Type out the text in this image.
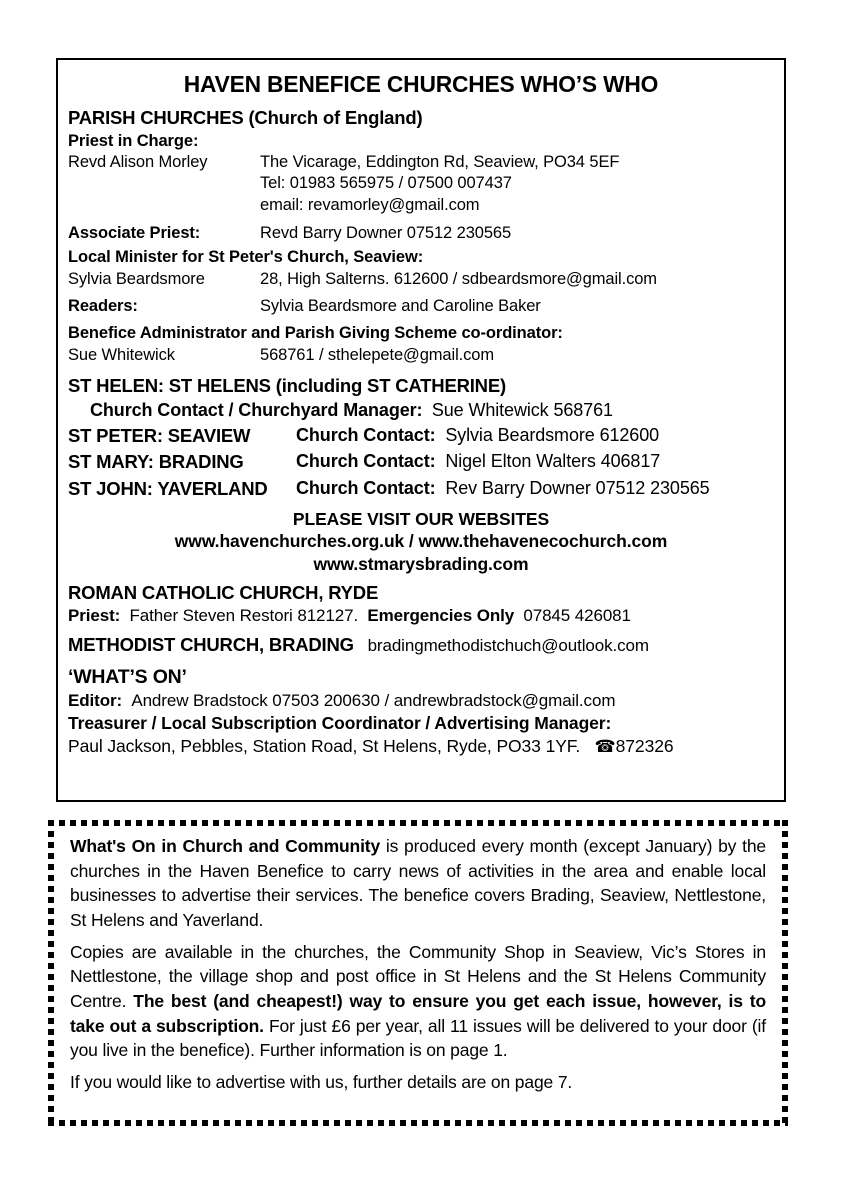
HAVEN BENEFICE CHURCHES WHO’S WHO
PARISH CHURCHES (Church of England)
Priest in Charge:
Revd Alison Morley	The Vicarage, Eddington Rd, Seaview, PO34 5EF
Tel: 01983 565975 / 07500 007437
email: revamorley@gmail.com
Associate Priest:	Revd Barry Downer 07512 230565
Local Minister for St Peter's Church, Seaview:
Sylvia Beardsmore	28, High Salterns. 612600 / sdbeardsmore@gmail.com
Readers:	Sylvia Beardsmore and Caroline Baker
Benefice Administrator and Parish Giving Scheme co-ordinator:
Sue Whitewick	568761 / sthelepete@gmail.com
ST HELEN: ST HELENS (including ST CATHERINE)
Church Contact / Churchyard Manager: Sue Whitewick 568761
ST PETER: SEAVIEW	Church Contact: Sylvia Beardsmore 612600
ST MARY: BRADING	Church Contact: Nigel Elton Walters 406817
ST JOHN: YAVERLAND	Church Contact: Rev Barry Downer 07512 230565
PLEASE VISIT OUR WEBSITES
www.havenchurches.org.uk / www.thehavenecochurch.com
www.stmarysbrading.com
ROMAN CATHOLIC CHURCH, RYDE
Priest: Father Steven Restori 812127. Emergencies Only 07845 426081
METHODIST CHURCH, BRADING bradingmethodistchuch@outlook.com
‘WHAT’S ON’
Editor: Andrew Bradstock 07503 200630 / andrewbradstock@gmail.com
Treasurer / Local Subscription Coordinator / Advertising Manager:
Paul Jackson, Pebbles, Station Road, St Helens, Ryde, PO33 1YF. ☎872326

What's On in Church and Community is produced every month (except January) by the churches in the Haven Benefice to carry news of activities in the area and enable local businesses to advertise their services. The benefice covers Brading, Seaview, Nettlestone, St Helens and Yaverland.

Copies are available in the churches, the Community Shop in Seaview, Vic’s Stores in Nettlestone, the village shop and post office in St Helens and the St Helens Community Centre. The best (and cheapest!) way to ensure you get each issue, however, is to take out a subscription. For just £6 per year, all 11 issues will be delivered to your door (if you live in the benefice). Further information is on page 1.

If you would like to advertise with us, further details are on page 7.
